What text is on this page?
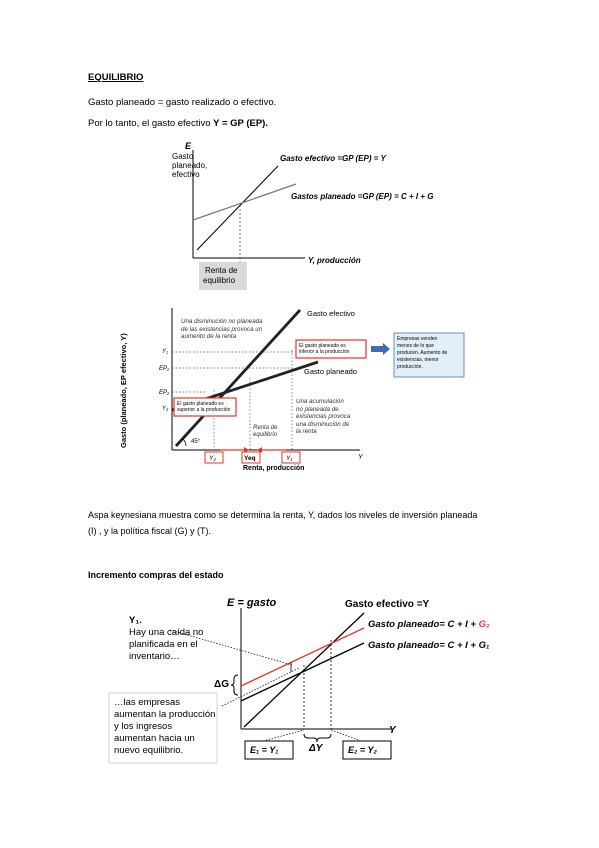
EQUILIBRIO
Gasto planeado = gasto realizado o efectivo.
Por lo tanto, el gasto efectivo Y = GP (EP).
E
Gasto
planeado,
efectivo
Gasto efectivo =GP (EP) = Y
Gastos planeado =GP (EP) = C + I + G
Y, producción
Renta de
equilibrio
Gasto (planeado, EP efectivo, Y)	Y₁
EP₁
EP₂
Y₂
Gasto efectivo
Gasto planeado
Una disminución no planeada
de las existencias provoca un
aumento de la renta
Una acumulación
no planeada de
existencias provoca
una disminución de
la renta
Renta de
equilibrio
El gasto planeado es
inferior a la producción
El gasto planeado es
superior a la producción
Empresas venden
menos de lo que
producen. Aumento de
existencias, menor
producción.
45°
Y₂	Yeq	Y₁	Y
Renta, producción
Aspa keynesiana muestra como se determina la renta, Y, dados los niveles de inversión planeada
(I) , y la política fiscal (G) y (T).
Incremento compras del estado
E = gasto	Gasto efectivo =Y
Gasto planeado= C + I + G₂
Gasto planeado= C + I + G₁
Y₁.
Hay una caída no
planificada en el
inventario…
…las empresas
aumentan la producción
y los ingresos
aumentan hacia un
nuevo equilibrio.
ΔG
ΔY
Y
E₁ = Y₁	E₂ = Y₂
